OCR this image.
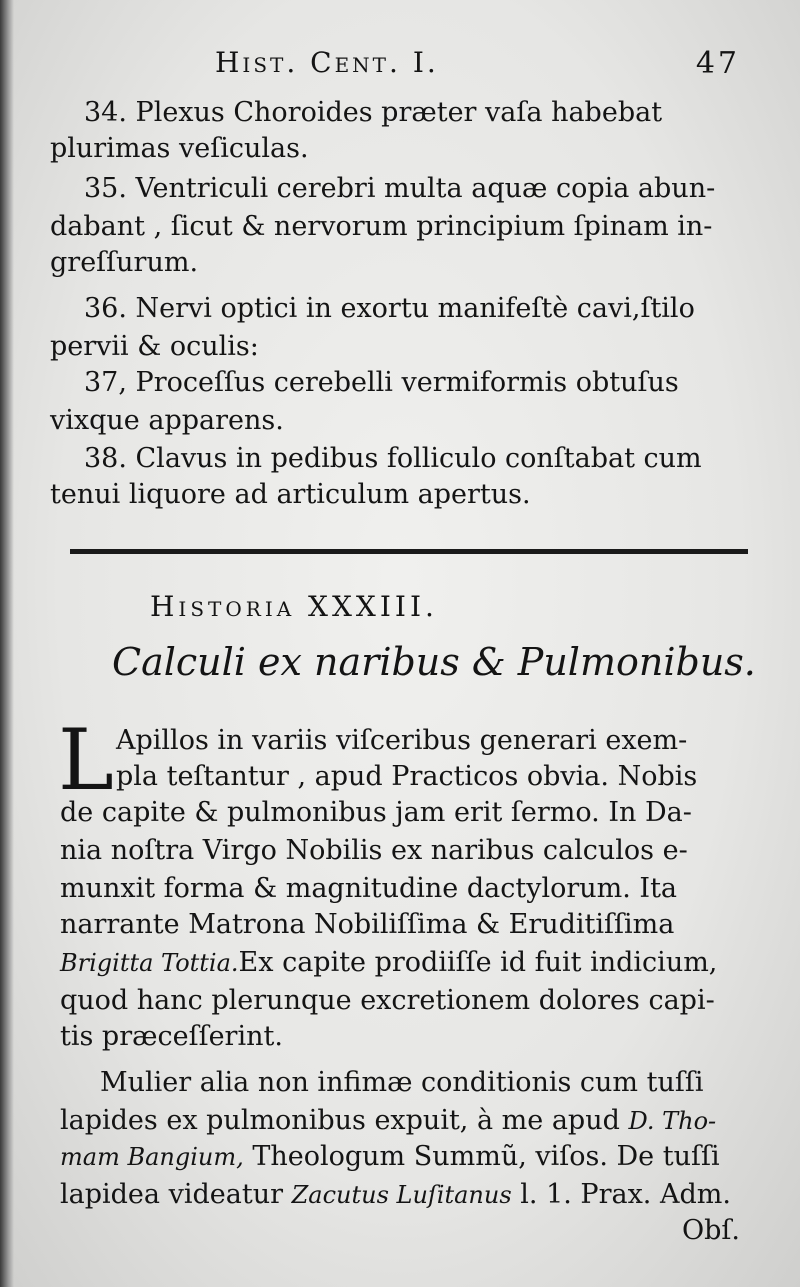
Hist. Cent. I.	47
34. Plexus Choroides præter vaſa habebat
plurimas veſiculas.
35. Ventriculi cerebri multa aquæ copia abun-
dabant , ſicut & nervorum principium ſpinam in-
greſſurum.
36. Nervi optici in exortu manifeſtè cavi,ſtilo
pervii & oculis:
37, Proceſſus cerebelli vermiformis obtuſus
vixque apparens.
38. Clavus in pedibus folliculo conſtabat cum
tenui liquore ad articulum apertus.
Historia XXXIII.
Calculi ex naribus & Pulmonibus.
L Apillos in variis viſceribus generari exem-
pla teſtantur , apud Practicos obvia. Nobis
de capite & pulmonibus jam erit ſermo. In Da-
nia noſtra Virgo Nobilis ex naribus calculos e-
munxit forma & magnitudine dactylorum. Ita
narrante Matrona Nobiliſſima & Eruditiſſima
Brigitta Tottia.Ex capite prodiiſſe id fuit indicium,
quod hanc plerunque excretionem dolores capi-
tis præceſſerint.
Mulier alia non infimæ conditionis cum tuſſi
lapides ex pulmonibus expuit, à me apud D. Tho-
mam Bangium, Theologum Summũ, viſos. De tuſſi
lapidea videatur Zacutus Luſitanus l. 1. Prax. Adm.
Obſ.
